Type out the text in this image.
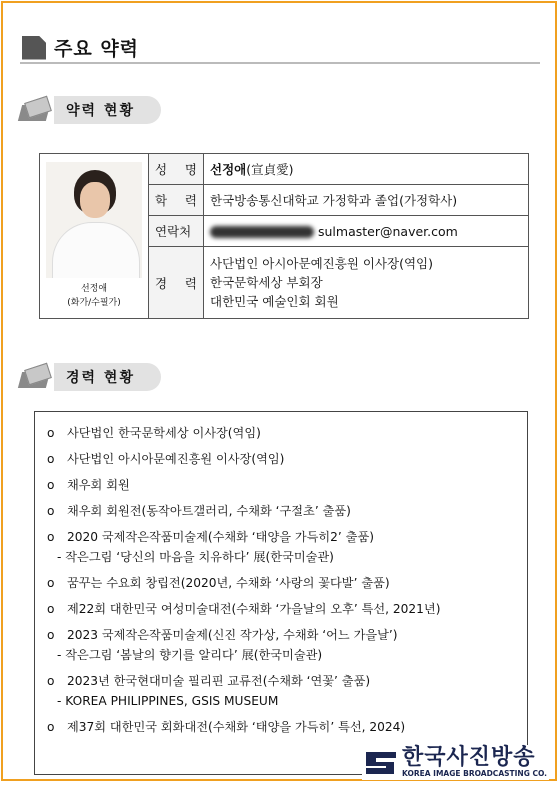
주요 약력
약력 현황
선정애
(화가/수필가)	성 명	선정애(宣貞愛)
	학 력	한국방송통신대학교 가정학과 졸업(가정학사)
	연락처	sulmaster@naver.com
	경 력	사단법인 아시아문예진흥원 이사장(역임)
한국문학세상 부회장
대한민국 예술인회 회원
경력 현황
o 사단법인 한국문학세상 이사장(역임)
o 사단법인 아시아문예진흥원 이사장(역임)
o 채우회 회원
o 채우회 회원전(동작아트갤러리, 수채화 ‘구절초’ 출품)
o 2020 국제작은작품미술제(수채화 ‘태양을 가득히2’ 출품)
- 작은그림 ‘당신의 마음을 치유하다’ 展(한국미술관)
o 꿈꾸는 수요회 창립전(2020년, 수채화 ‘사랑의 꽃다발’ 출품)
o 제22회 대한민국 여성미술대전(수채화 ‘가을날의 오후’ 특선, 2021년)
o 2023 국제작은작품미술제(신진 작가상, 수채화 ‘어느 가을날’)
- 작은그림 ‘봄날의 향기를 알리다’ 展(한국미술관)
o 2023년 한국현대미술 필리핀 교류전(수채화 ‘연꽃’ 출품)
- KOREA PHILIPPINES, GSIS MUSEUM
o 제37회 대한민국 회화대전(수채화 ‘태양을 가득히’ 특선, 2024)
한국사진방송
KOREA IMAGE BROADCASTING CO.
